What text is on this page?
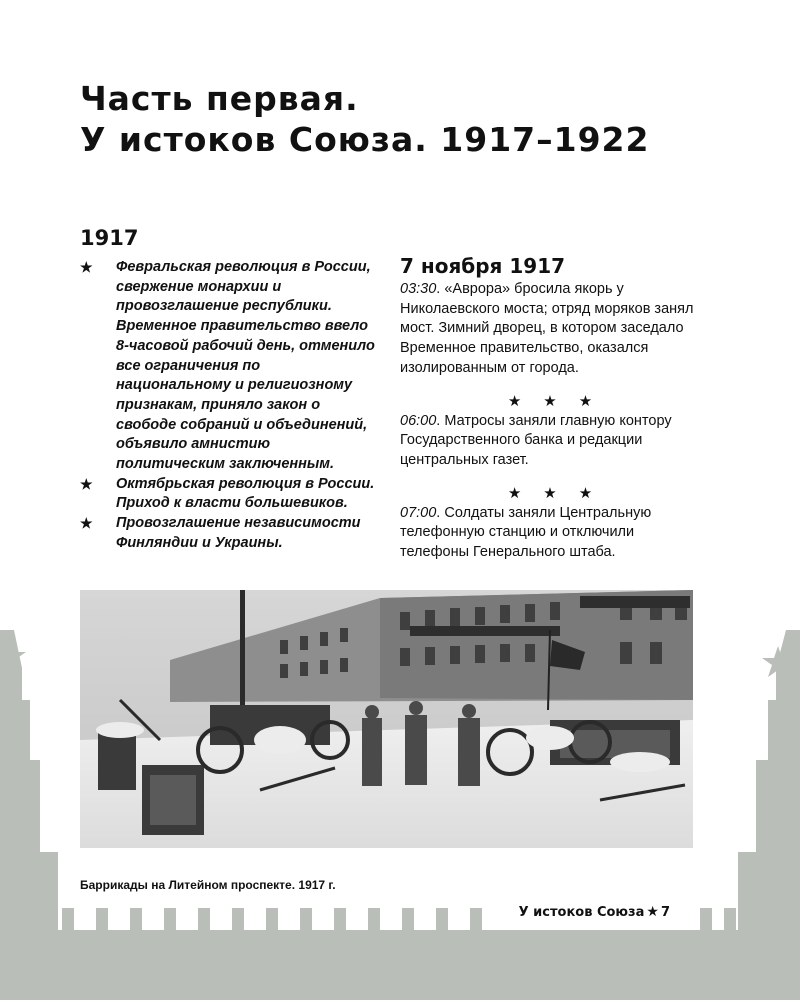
Часть первая.
У истоков Союза. 1917–1922
1917
★ Февральская революция в России, свержение монархии и провозглашение республики. Временное правительство ввело 8-часовой рабочий день, отменило все ограничения по национальному и религиозному признакам, приняло закон о свободе собраний и объединений, объявило амнистию политическим заключенным.
★ Октябрьская революция в России. Приход к власти большевиков.
★ Провозглашение независимости Финляндии и Украины.
7 ноября 1917

03:30. «Аврора» бросила якорь у Николаевского моста; отряд моряков занял мост. Зимний дворец, в котором заседало Временное правительство, оказался изолированным от города.

★★★

06:00. Матросы заняли главную контору Государственного банка и редакции центральных газет.

★★★

07:00. Солдаты заняли Центральную телефонную станцию и отключили телефоны Генерального штаба.

Баррикады на Литейном проспекте. 1917 г.
У истоков Союза ★ 7
